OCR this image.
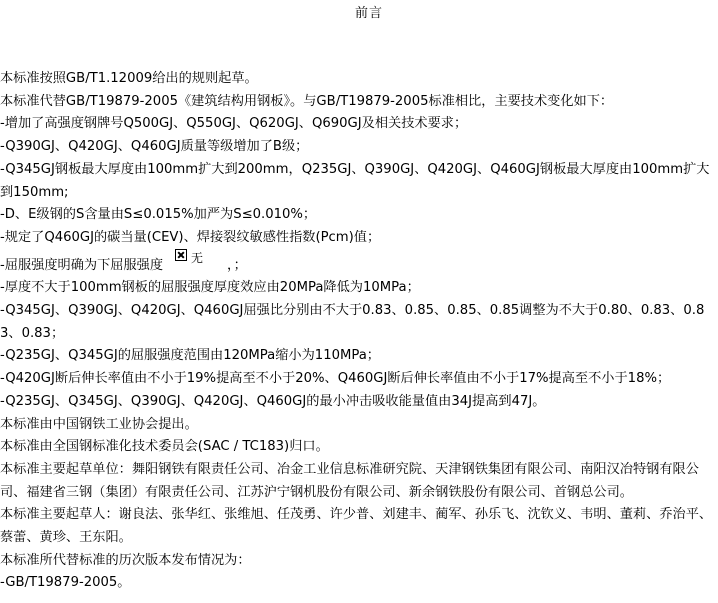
前言

本标准按照GB/T1.12009给出的规则起草。

本标准代替GB/T19879-2005《建筑结构用钢板》。与GB/T19879-2005标准相比，主要技术变化如下：

-增加了高强度钢牌号Q500GJ、Q550GJ、Q620GJ、Q690GJ及相关技术要求；

-Q390GJ、Q420GJ、Q460GJ质量等级增加了B级；

-Q345GJ钢板最大厚度由100mm扩大到200mm，Q235GJ、Q390GJ、Q420GJ、Q460GJ钢板最大厚度由100mm扩大到150mm;

-D、E级钢的S含量由S≤0.015%加严为S≤0.010%；

-规定了Q460GJ的碳当量(CEV)、焊接裂纹敏感性指数(Pcm)值；

-屈服强度明确为下屈服强度 无 ，；

-厚度不大于100mm钢板的屈服强度厚度效应由20MPa降低为10MPa；

-Q345GJ、Q390GJ、Q420GJ、Q460GJ屈强比分别由不大于0.83、0.85、0.85、0.85调整为不大于0.80、0.83、0.83、0.83；

-Q235GJ、Q345GJ的屈服强度范围由120MPa缩小为110MPa；

-Q420GJ断后伸长率值由不小于19%提高至不小于20%、Q460GJ断后伸长率值由不小于17%提高至不小于18%；

-Q235GJ、Q345GJ、Q390GJ、Q420GJ、Q460GJ的最小冲击吸收能量值由34J提高到47J。

本标准由中国钢铁工业协会提出。

本标准由全国钢标准化技术委员会(SAC / TC183)归口。

本标准主要起草单位：舞阳钢铁有限责任公司、冶金工业信息标准研究院、天津钢铁集团有限公司、南阳汉冶特钢有限公司、福建省三钢（集团）有限责任公司、江苏沪宁钢机股份有限公司、新余钢铁股份有限公司、首钢总公司。

本标准主要起草人：谢良法、张华红、张维旭、任茂勇、许少普、刘建丰、蔺军、孙乐飞、沈钦义、韦明、董莉、乔治平、蔡蕾、黄珍、王东阳。

本标准所代替标准的历次版本发布情况为：

-GB/T19879-2005。
